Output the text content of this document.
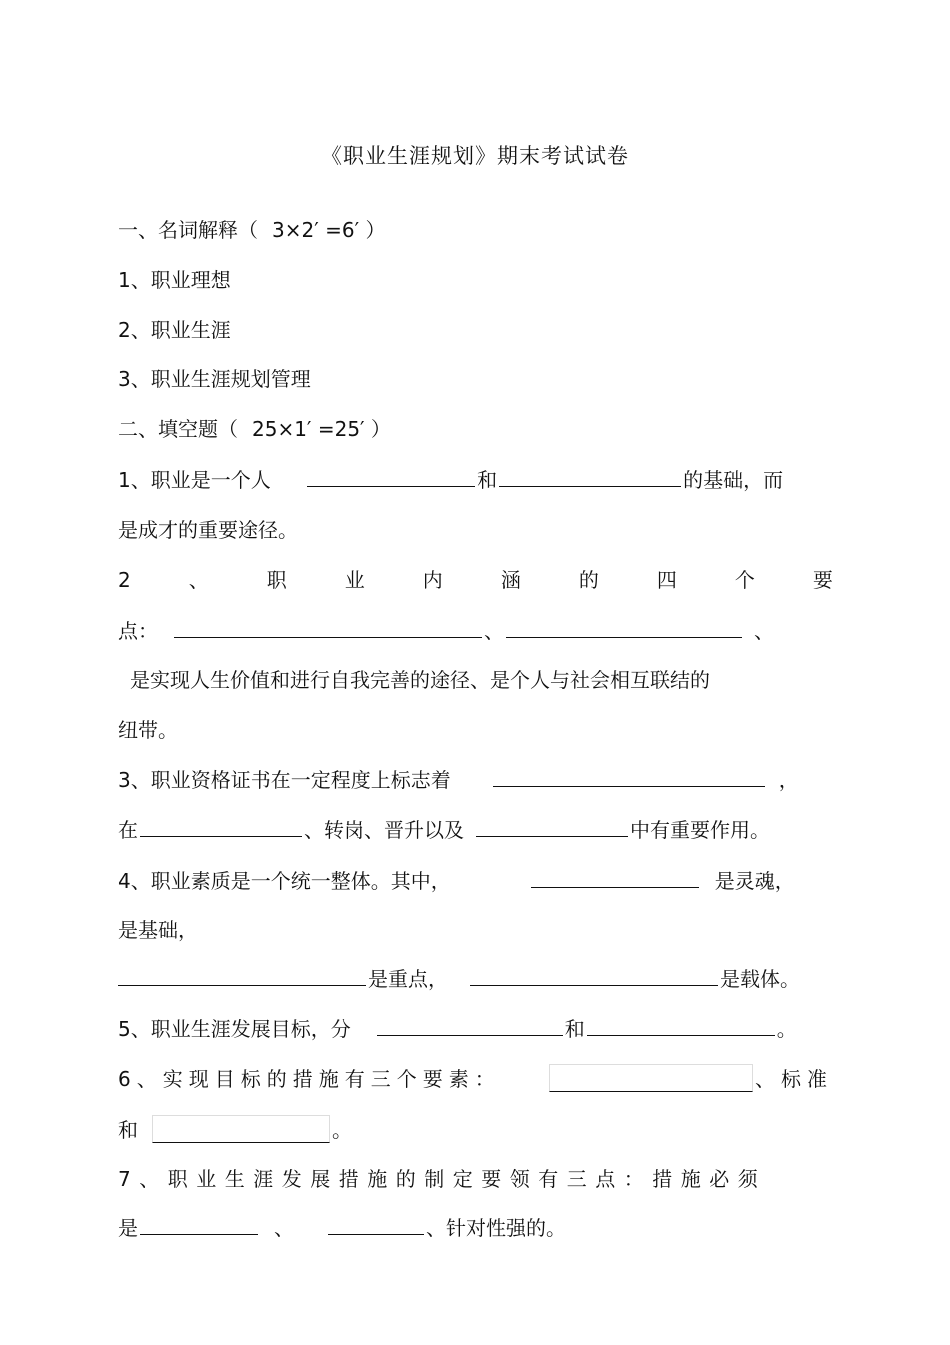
《职业生涯规划》期末考试试卷
一、名词解释（ 3×2′ =6′ ）
1、职业理想
2、职业生涯
3、职业生涯规划管理
二、填空题（ 25×1′ =25′ ）
1、职业是一个人	和	的基础，而
是成才的重要途径。
2	、	职	业	内	涵	的	四	个	要
点：	、	、
是实现人生价值和进行自我完善的途径、是个人与社会相互联结的
纽带。
3、职业资格证书在一定程度上标志着	，
在	、转岗、晋升以及	中有重要作用。
4、职业素质是一个统一整体。其中，	是灵魂，
是基础，
是重点，	是载体。
5、职业生涯发展目标，分	和	。
6、实现目标的措施有三个要素：	、标准
和	。
7、职业生涯发展措施的制定要领有三点：措施必须
是	、	、针对性强的。
